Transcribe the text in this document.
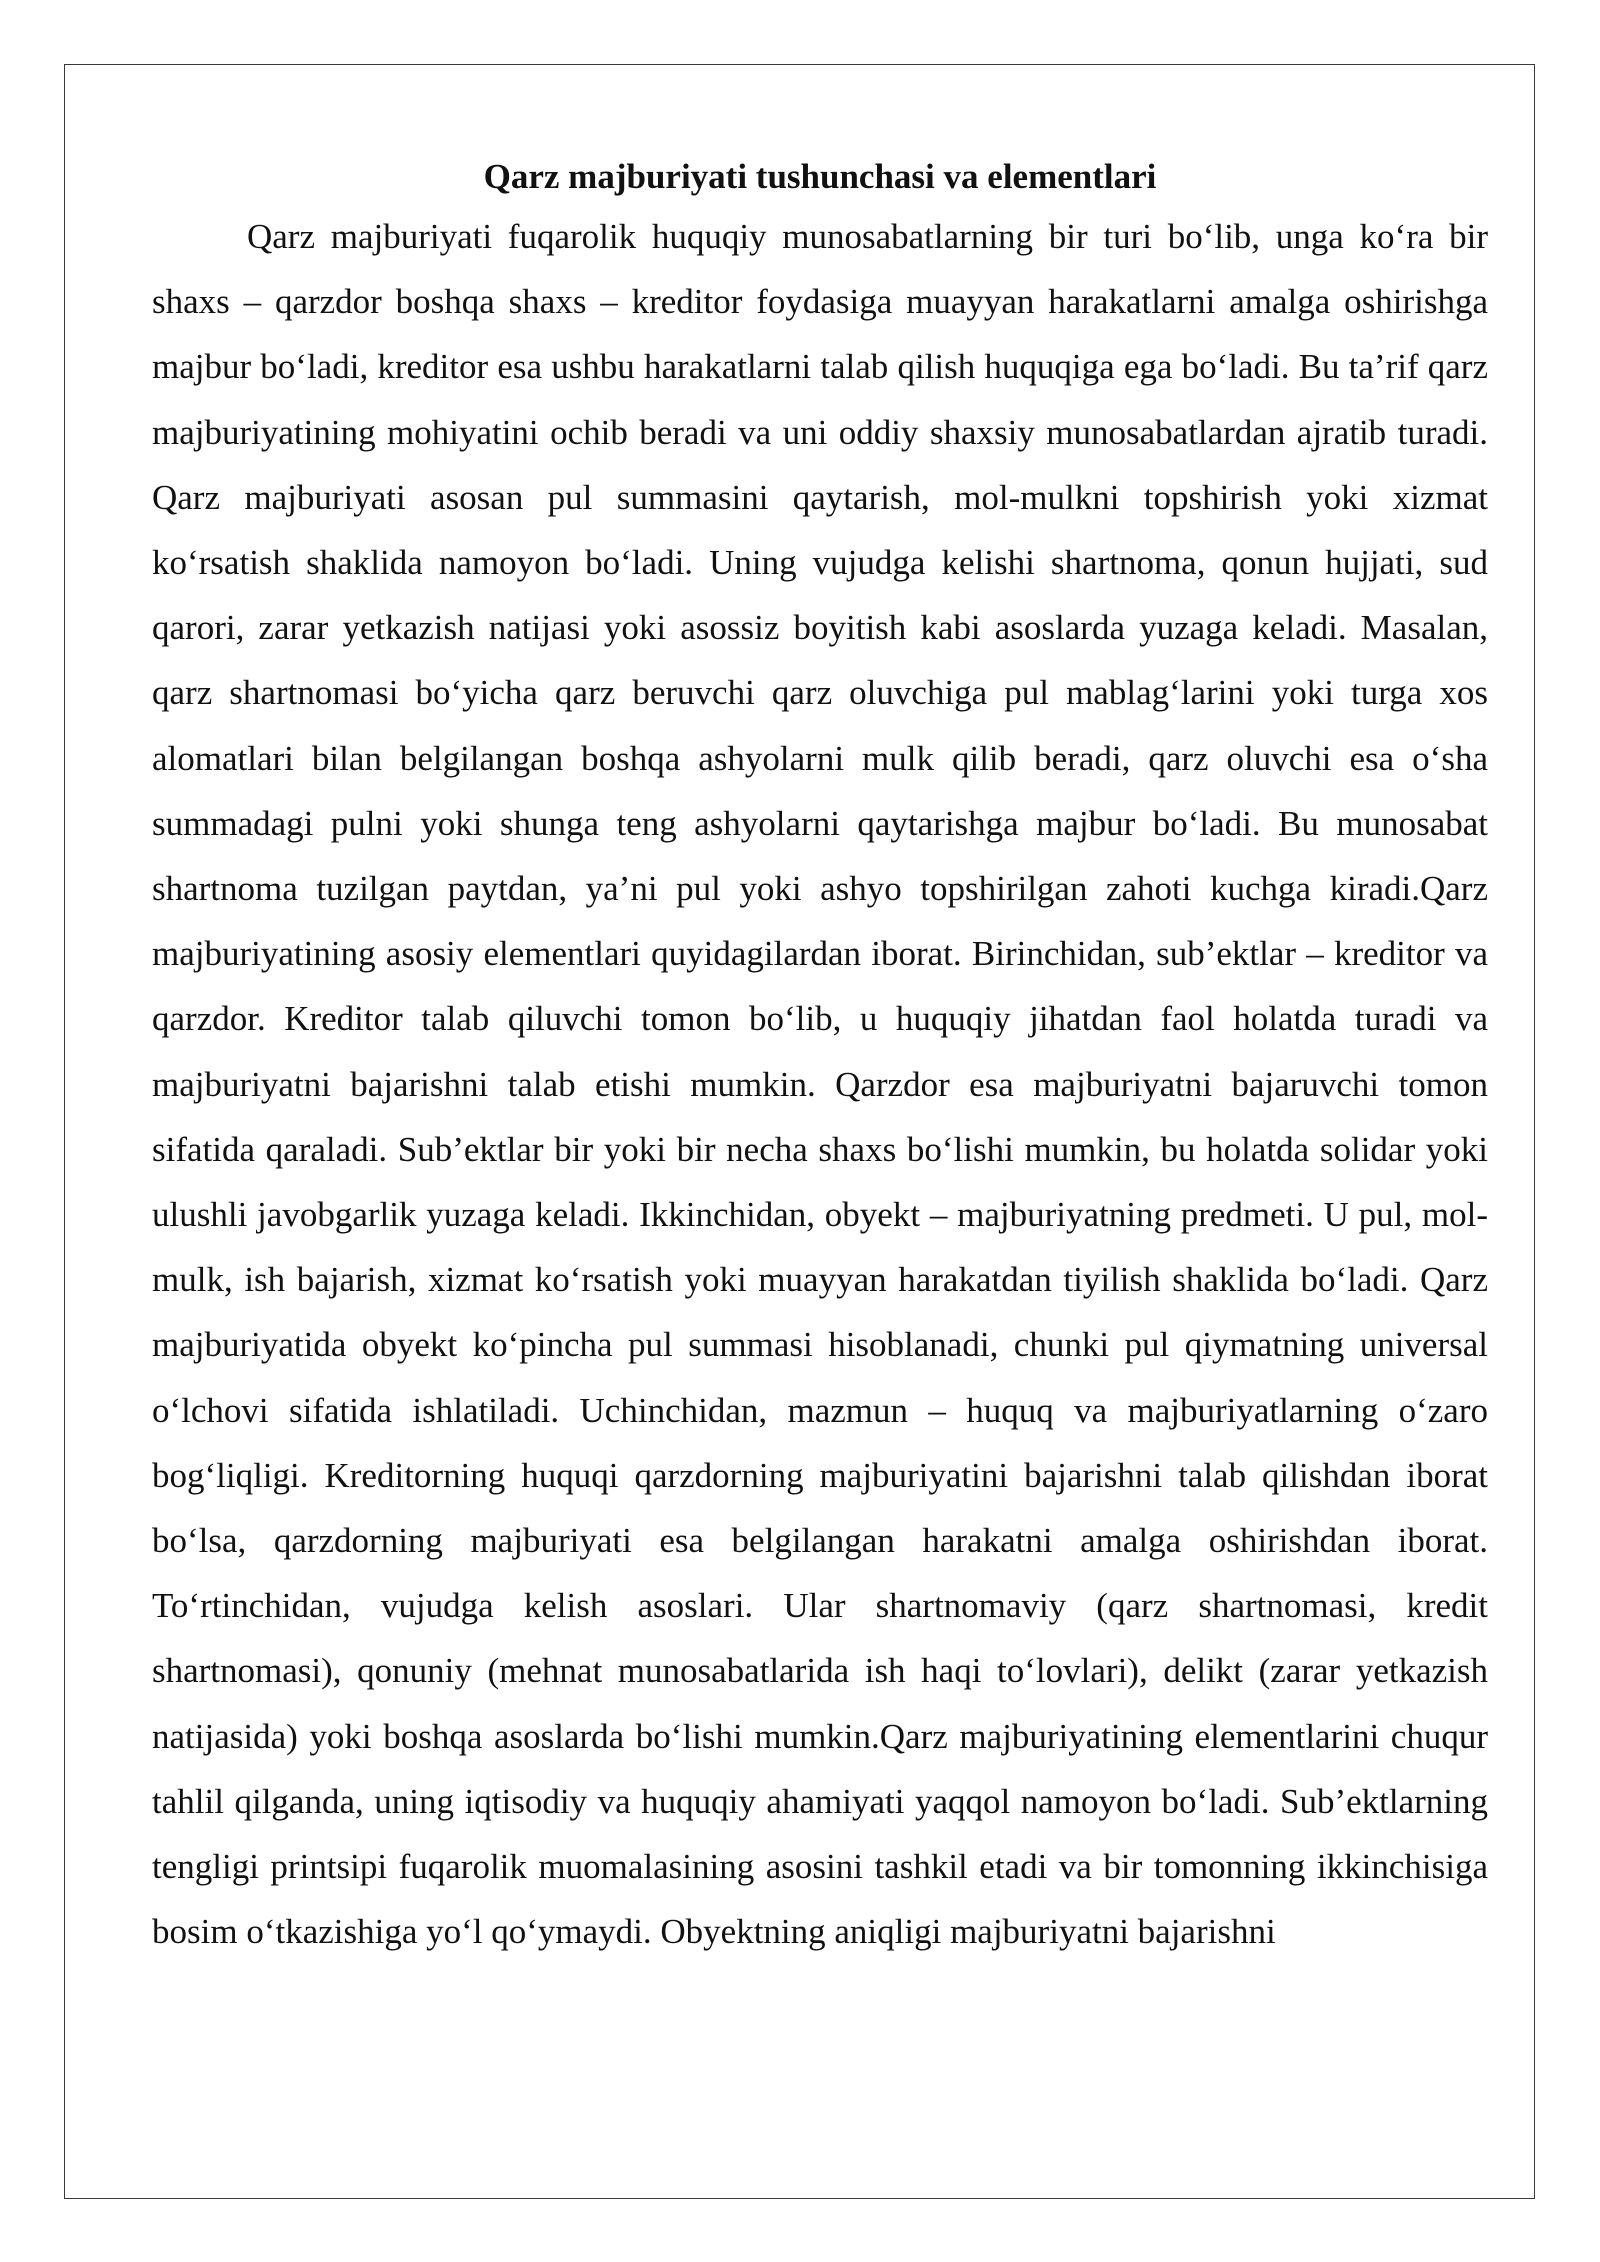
Qarz majburiyati tushunchasi va elementlari

Qarz majburiyati fuqarolik huquqiy munosabatlarning bir turi boʻlib, unga koʻra bir shaxs – qarzdor boshqa shaxs – kreditor foydasiga muayyan harakatlarni amalga oshirishga majbur boʻladi, kreditor esa ushbu harakatlarni talab qilish huquqiga ega boʻladi. Bu ta’rif qarz majburiyatining mohiyatini ochib beradi va uni oddiy shaxsiy munosabatlardan ajratib turadi. Qarz majburiyati asosan pul summasini qaytarish, mol-mulkni topshirish yoki xizmat koʻrsatish shaklida namoyon boʻladi. Uning vujudga kelishi shartnoma, qonun hujjati, sud qarori, zarar yetkazish natijasi yoki asossiz boyitish kabi asoslarda yuzaga keladi. Masalan, qarz shartnomasi boʻyicha qarz beruvchi qarz oluvchiga pul mablagʻlarini yoki turga xos alomatlari bilan belgilangan boshqa ashyolarni mulk qilib beradi, qarz oluvchi esa oʻsha summadagi pulni yoki shunga teng ashyolarni qaytarishga majbur boʻladi. Bu munosabat shartnoma tuzilgan paytdan, ya’ni pul yoki ashyo topshirilgan zahoti kuchga kiradi.Qarz majburiyatining asosiy elementlari quyidagilardan iborat. Birinchidan, sub’ektlar – kreditor va qarzdor. Kreditor talab qiluvchi tomon boʻlib, u huquqiy jihatdan faol holatda turadi va majburiyatni bajarishni talab etishi mumkin. Qarzdor esa majburiyatni bajaruvchi tomon sifatida qaraladi. Sub’ektlar bir yoki bir necha shaxs boʻlishi mumkin, bu holatda solidar yoki ulushli javobgarlik yuzaga keladi. Ikkinchidan, obyekt – majburiyatning predmeti. U pul, mol-mulk, ish bajarish, xizmat koʻrsatish yoki muayyan harakatdan tiyilish shaklida boʻladi. Qarz majburiyatida obyekt koʻpincha pul summasi hisoblanadi, chunki pul qiymatning universal oʻlchovi sifatida ishlatiladi. Uchinchidan, mazmun – huquq va majburiyatlarning oʻzaro bogʻliqligi. Kreditorning huquqi qarzdorning majburiyatini bajarishni talab qilishdan iborat boʻlsa, qarzdorning majburiyati esa belgilangan harakatni amalga oshirishdan iborat. Toʻrtinchidan, vujudga kelish asoslari. Ular shartnomaviy (qarz shartnomasi, kredit shartnomasi), qonuniy (mehnat munosabatlarida ish haqi toʻlovlari), delikt (zarar yetkazish natijasida) yoki boshqa asoslarda boʻlishi mumkin.Qarz majburiyatining elementlarini chuqur tahlil qilganda, uning iqtisodiy va huquqiy ahamiyati yaqqol namoyon boʻladi. Sub’ektlarning tengligi printsipi fuqarolik muomalasining asosini tashkil etadi va bir tomonning ikkinchisiga bosim oʻtkazishiga yoʻl qoʻymaydi. Obyektning aniqligi majburiyatni bajarishni
